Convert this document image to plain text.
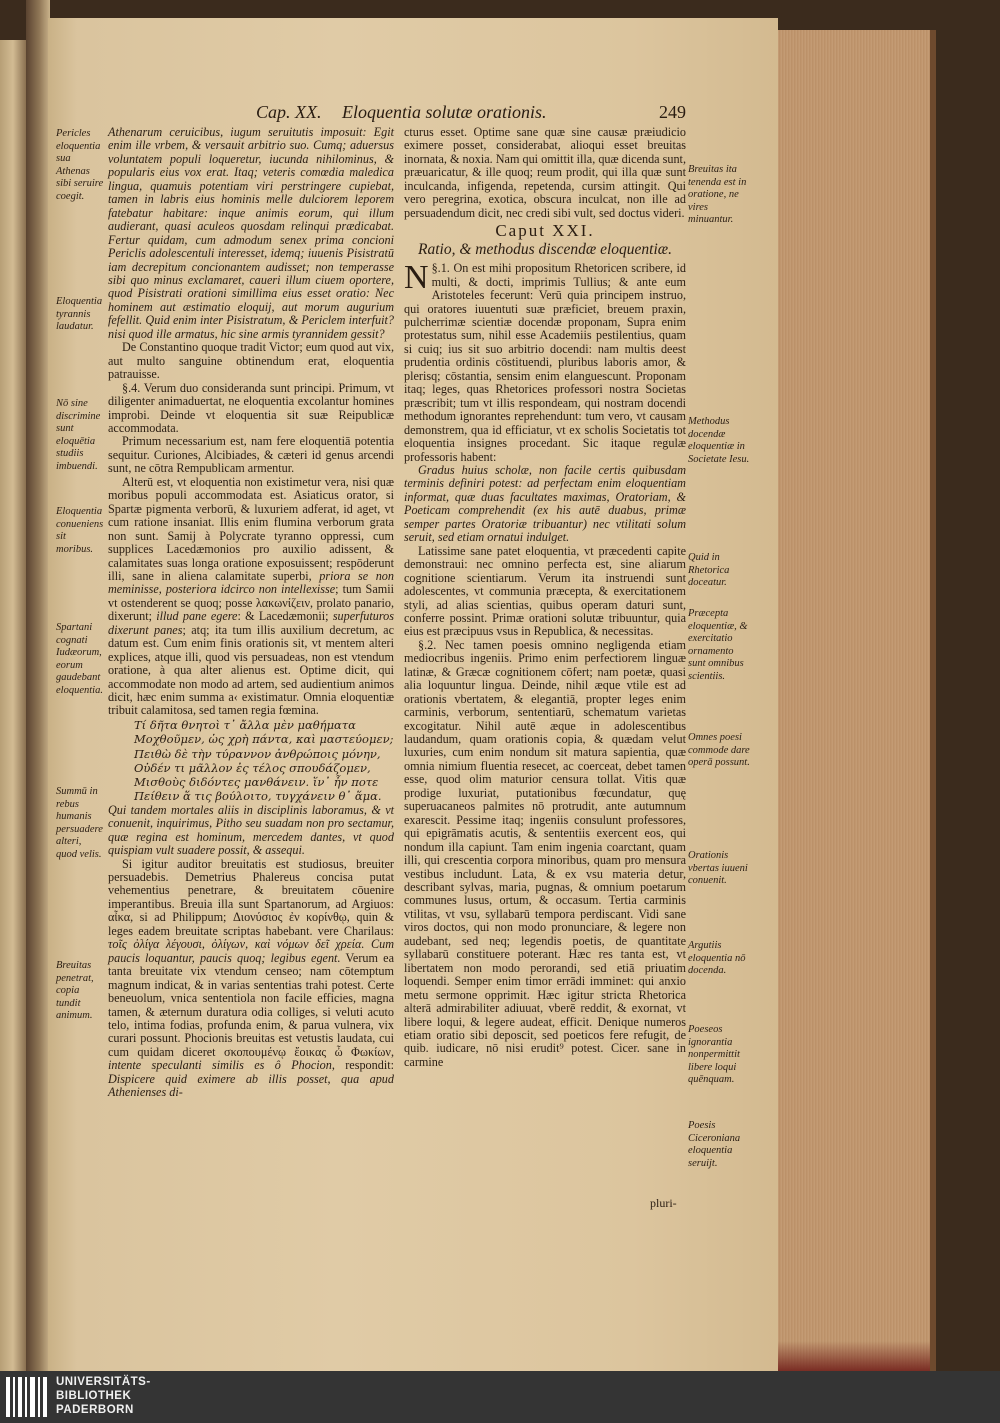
Cap. XX. Eloquentia solutæ orationis.	249

Athenarum ceruicibus, iugum seruitutis imposuit: Egit enim ille vrbem, & versauit arbitrio suo. Cumq; aduersus voluntatem populi loqueretur, iucunda nihilominus, & popularis eius vox erat. Itaq; veteris comœdia maledica lingua, quamuis potentiam viri perstringere cupiebat, tamen in labris eius hominis melle dulciorem leporem fatebatur habitare: inque animis eorum, qui illum audierant, quasi aculeos quosdam relinqui prædicabat. Fertur quidam, cum admodum senex prima concioni Periclis adolescentuli interesset, idemq; iuuenis Pisistratū iam decrepitum concionantem audisset; non temperasse sibi quo minus exclamaret, caueri illum ciuem oportere, quod Pisistrati orationi simillima eius esset oratio: Nec hominem aut æstimatio eloquij, aut morum augurium fefellit. Quid enim inter Pisistratum, & Periclem interfuit? nisi quod ille armatus, hic sine armis tyrannidem gessit?

De Constantino quoque tradit Victor; eum quod aut vix, aut multo sanguine obtinendum erat, eloquentia patrauisse.

§.4. Verum duo consideranda sunt principi. Primum, vt diligenter animaduertat, ne eloquentia excolantur homines improbi. Deinde vt eloquentia sit suæ Reipublicæ accommodata.

Primum necessarium est, nam fere eloquentiā potentia sequitur. Curiones, Alcibiades, & cæteri id genus arcendi sunt, ne cōtra Rempublicam armentur.

Alterū est, vt eloquentia non existimetur vera, nisi quæ moribus populi accommodata est. Asiaticus orator, si Spartæ pigmenta verborū, & luxuriem adferat, id aget, vt cum ratione insaniat. Illis enim flumina verborum grata non sunt. Samij à Polycrate tyranno oppressi, cum supplices Lacedæmonios pro auxilio adissent, & calamitates suas longa oratione exposuissent; respōderunt illi, sane in aliena calamitate superbi, priora se non meminisse, posteriora idcirco non intellexisse; tum Samii vt ostenderent se quoq; posse λακωνίζειν, prolato panario, dixerunt; illud pane egere: & Lacedæmonii; superfuturos dixerunt panes; atq; ita tum illis auxilium decretum, ac datum est. Cum enim finis orationis sit, vt mentem alteri explices, atque illi, quod vis persuadeas, non est vtendum oratione, à qua alter alienus est. Optime dicit, qui accommodate non modo ad artem, sed audientium animos dicit, hæc enim summa a‹ existimatur. Omnia eloquentiæ tribuit calamitosa, sed tamen regia fœmina.

Τί δῆτα θνητοὶ τ᾽ ἄλλα μὲν μαθήματα
Μοχθοῦμεν, ὡς χρὴ πάντα, καὶ μαστεύομεν;
Πειθὼ δὲ τὴν τύραννον ἀνθρώποις μόνην,
Οὐδέν τι μᾶλλον ἐς τέλος σπουδάζομεν,
Μισθοὺς διδόντες μανθάνειν. ἵν᾽ ἦν ποτε
Πείθειν ἅ τις βούλοιτο, τυγχάνειν θ᾽ ἅμα.

Qui tandem mortales aliis in disciplinis laboramus, & vt conuenit, inquirimus, Pitho seu suadam non pro sectamur, quæ regina est hominum, mercedem dantes, vt quod quispiam vult suadere possit, & assequi.

Si igitur auditor breuitatis est studiosus, breuiter persuadebis. Demetrius Phalereus concisa putat vehementius penetrare, & breuitatem cōuenire imperantibus. Breuia illa sunt Spartanorum, ad Argiuos: αἶκα, si ad Philippum; Διονύσιος ἐν κορίνθῳ, quin & leges eadem breuitate scriptas habebant. vere Charilaus: τοῖς ὀλίγα λέγουσι, ὀλίγων, καὶ νόμων δεῖ χρεία. Cum paucis loquantur, paucis quoq; legibus egent. Verum ea tanta breuitate vix vtendum censeo; nam cōtemptum magnum indicat, & in varias sententias trahi potest. Certe beneuolum, vnica sententiola non facile efficies, magna tamen, & æternum duratura odia colliges, si veluti acuto telo, intima fodias, profunda enim, & parua vulnera, vix curari possunt. Phocionis breuitas est vetustis laudata, cui cum quidam diceret σκοπουμένῳ ἔοικας ὦ Φωκίων, intente speculanti similis es ô Phocion, respondit: Dispicere quid eximere ab illis posset, qua apud Athenienses di-

cturus esset. Optime sane quæ sine causæ præiudicio eximere posset, considerabat, alioqui esset breuitas inornata, & noxia. Nam qui omittit illa, quæ dicenda sunt, præuaricatur, & ille quoq; reum prodit, qui illa quæ sunt inculcanda, infigenda, repetenda, cursim attingit. Qui vero peregrina, exotica, obscura inculcat, non ille ad persuadendum dicit, nec credi sibi vult, sed doctus videri.

Caput XXI.
Ratio, & methodus discendæ eloquentiæ.

§.1.
N On est mihi propositum Rhetoricen scribere, id multi, & docti, imprimis Tullius; & ante eum Aristoteles fecerunt: Verū quia principem instruo, qui oratores iuuentuti suæ præficiet, breuem praxin, pulcherrimæ scientiæ docendæ proponam, Supra enim protestatus sum, nihil esse Academiis pestilentius, quam si cuiq; ius sit suo arbitrio docendi: nam multis deest prudentia ordinis cōstituendi, pluribus laboris amor, & plerisq; cōstantia, sensim enim elanguescunt. Proponam itaq; leges, quas Rhetorices professori nostra Societas præscribit; tum vt illis respondeam, qui nostram docendi methodum ignorantes reprehendunt: tum vero, vt causam demonstrem, qua id efficiatur, vt ex scholis Societatis tot eloquentia insignes procedant. Sic itaque regulæ professoris habent:

Gradus huius scholæ, non facile certis quibusdam terminis definiri potest: ad perfectam enim eloquentiam informat, quæ duas facultates maximas, Oratoriam, & Poeticam comprehendit (ex his autē duabus, primæ semper partes Oratoriæ tribuantur) nec vtilitati solum seruit, sed etiam ornatui indulget.

Latissime sane patet eloquentia, vt præcedenti capite demonstraui: nec omnino perfecta est, sine aliarum cognitione scientiarum. Verum ita instruendi sunt adolescentes, vt communia præcepta, & exercitationem styli, ad alias scientias, quibus operam daturi sunt, conferre possint. Primæ orationi solutæ tribuuntur, quia eius est præcipuus vsus in Republica, & necessitas.

§.2. Nec tamen poesis omnino negligenda etiam mediocribus ingeniis. Primo enim perfectiorem linguæ latinæ, & Græcæ cognitionem cōfert; nam poetæ, quasi alia loquuntur lingua. Deinde, nihil æque vtile est ad orationis vbertatem, & elegantiā, propter leges enim carminis, verborum, sententiarū, schematum varietas excogitatur. Nihil autē æque in adolescentibus laudandum, quam orationis copia, & quædam velut luxuries, cum enim nondum sit matura sapientia, quæ omnia nimium fluentia resecet, ac coerceat, debet tamen esse, quod olim maturior censura tollat. Vitis quæ prodige luxuriat, putationibus fœcundatur, quę superuacaneos palmites nō protrudit, ante autumnum exarescit. Pessime itaq; ingeniis consulunt professores, qui epigrāmatis acutis, & sententiis exercent eos, qui nondum illa capiunt. Tam enim ingenia coarctant, quam illi, qui crescentia corpora minoribus, quam pro mensura vestibus includunt. Lata, & ex vsu materia detur, describant sylvas, maria, pugnas, & omnium poetarum communes lusus, ortum, & occasum. Tertia carminis vtilitas, vt vsu, syllabarū tempora perdiscant. Vidi sane viros doctos, qui non modo pronunciare, & legere non audebant, sed neq; legendis poetis, de quantitate syllabarū constituere poterant. Hæc res tanta est, vt libertatem non modo perorandi, sed etiā priuatim loquendi. Semper enim timor errādi imminet: qui anxio metu sermone opprimit. Hæc igitur stricta Rhetorica alterā admirabiliter adiuuat, vberē reddit, & exornat, vt libere loqui, & legere audeat, efficit. Denique numeros etiam oratio sibi deposcit, sed poeticos fere refugit, de quib. iudicare, nō nisi erudit⁹ potest. Cicer. sane in carmine

pluri-
Pericles eloquentia sua Athenas sibi seruire coegit.
Eloquentia tyrannis laudatur.
Nō sine discrimine sunt eloquētia studiis imbuendi.
Eloquentia conueniens sit moribus.
Spartani cognati Iudæorum, eorum gaudebant eloquentia.
Summū in rebus humanis persuadere alteri, quod velis.
Breuitas penetrat, copia tundit animum.
Breuitas ita tenenda est in oratione, ne vires minuantur.
Methodus docendæ eloquentiæ in Societate Iesu.
Quid in Rhetorica doceatur.
Præcepta eloquentiæ, & exercitatio ornamento sunt omnibus scientiis.
Omnes poesi commode dare operā possunt.
Orationis vbertas iuueni conuenit.
Argutiis eloquentia nō docenda.
Poeseos ignorantia nonpermittit libere loqui quēnquam.
Poesis Ciceroniana eloquentia seruijt.
UNIVERSITÄTS-
BIBLIOTHEK
PADERBORN
